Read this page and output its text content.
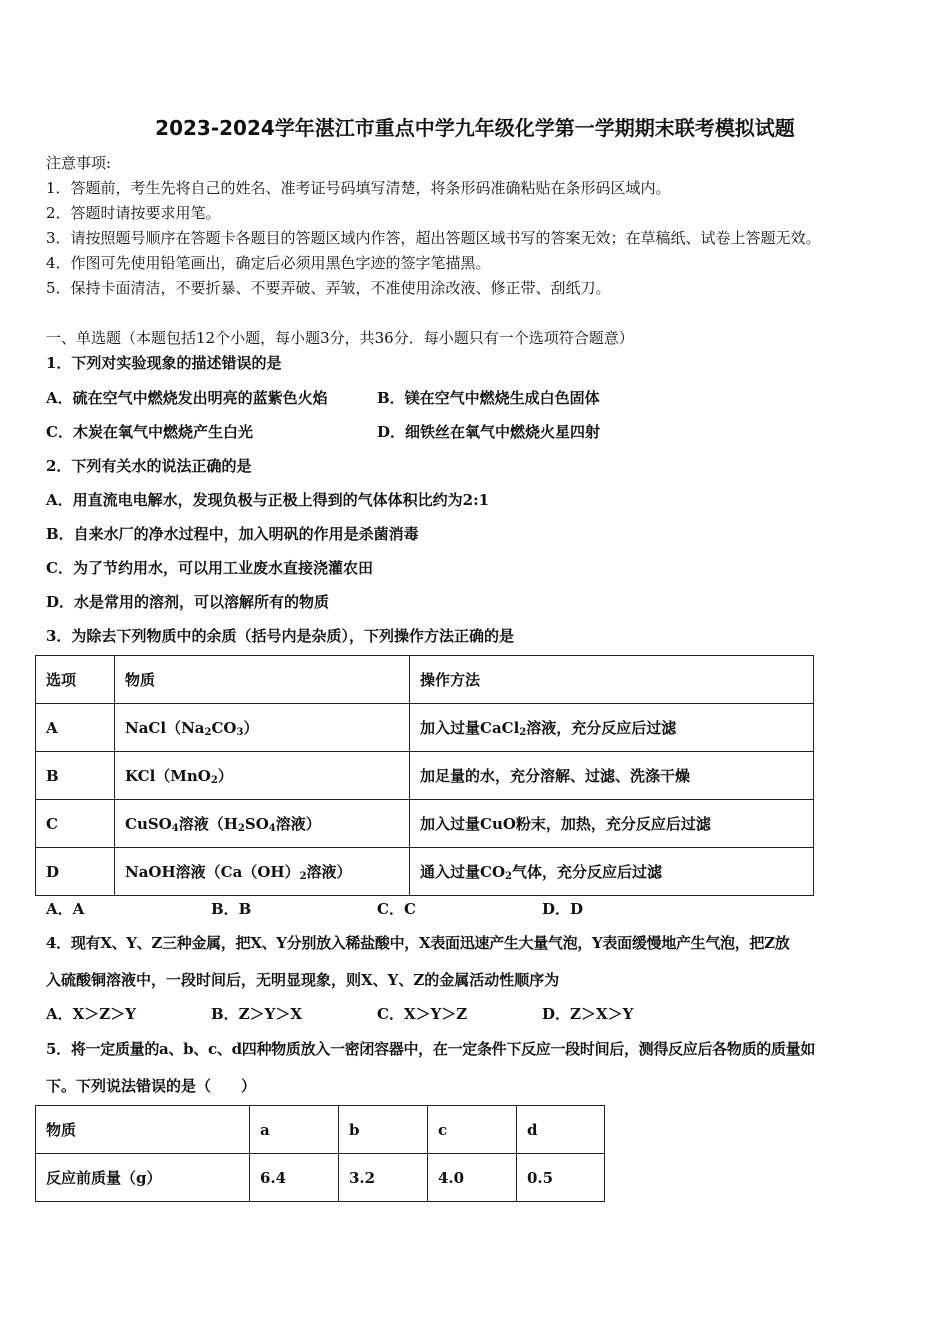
2023-2024学年湛江市重点中学九年级化学第一学期期末联考模拟试题
注意事项:
1．答题前，考生先将自己的姓名、准考证号码填写清楚，将条形码准确粘贴在条形码区域内。
2．答题时请按要求用笔。
3．请按照题号顺序在答题卡各题目的答题区域内作答，超出答题区域书写的答案无效；在草稿纸、试卷上答题无效。
4．作图可先使用铅笔画出，确定后必须用黑色字迹的签字笔描黑。
5．保持卡面清洁，不要折暴、不要弄破、弄皱，不准使用涂改液、修正带、刮纸刀。
一、单选题（本题包括12个小题，每小题3分，共36分．每小题只有一个选项符合题意）
1．下列对实验现象的描述错误的是
A．硫在空气中燃烧发出明亮的蓝紫色火焰	B．镁在空气中燃烧生成白色固体
C．木炭在氧气中燃烧产生白光	D．细铁丝在氧气中燃烧火星四射
2．下列有关水的说法正确的是
A．用直流电电解水，发现负极与正极上得到的气体体积比约为2:1
B．自来水厂的净水过程中，加入明矾的作用是杀菌消毒
C．为了节约用水，可以用工业废水直接浇灌农田
D．水是常用的溶剂，可以溶解所有的物质
3．为除去下列物质中的余质（括号内是杂质），下列操作方法正确的是
选项	物质	操作方法
A	$NaCl(Na_2CO_3)$	加入过量CaCl$_2$溶液，充分反应后过滤
B	KCl（MnO$_2$）	加足量的水，充分溶解、过滤、洗涤干燥
C	CuSO$_4$溶液（$H_2SO_4$溶液）	加入过量CuO粉末，加热，充分反应后过滤
D	NaOH溶液（$Ca(OH)_2$溶液）	通入过量$CO_2$气体，充分反应后过滤
A．A	B．B	C．C	D．D
4．现有X、Y、Z三种金属，把X、Y分别放入稀盐酸中，X表面迅速产生大量气泡，Y表面缓慢地产生气泡，把Z放
入硫酸铜溶液中，一段时间后，无明显现象，则X、Y、Z的金属活动性顺序为
A．X＞Z＞Y	B．Z＞Y＞X	C．X＞Y＞Z	D．Z＞X＞Y
5．将一定质量的a、b、c、d四种物质放入一密闭容器中，在一定条件下反应一段时间后，测得反应后各物质的质量如
下。下列说法错误的是（　　）
物质	a	b	c	d
反应前质量（g）	6.4	3.2	4.0	0.5
